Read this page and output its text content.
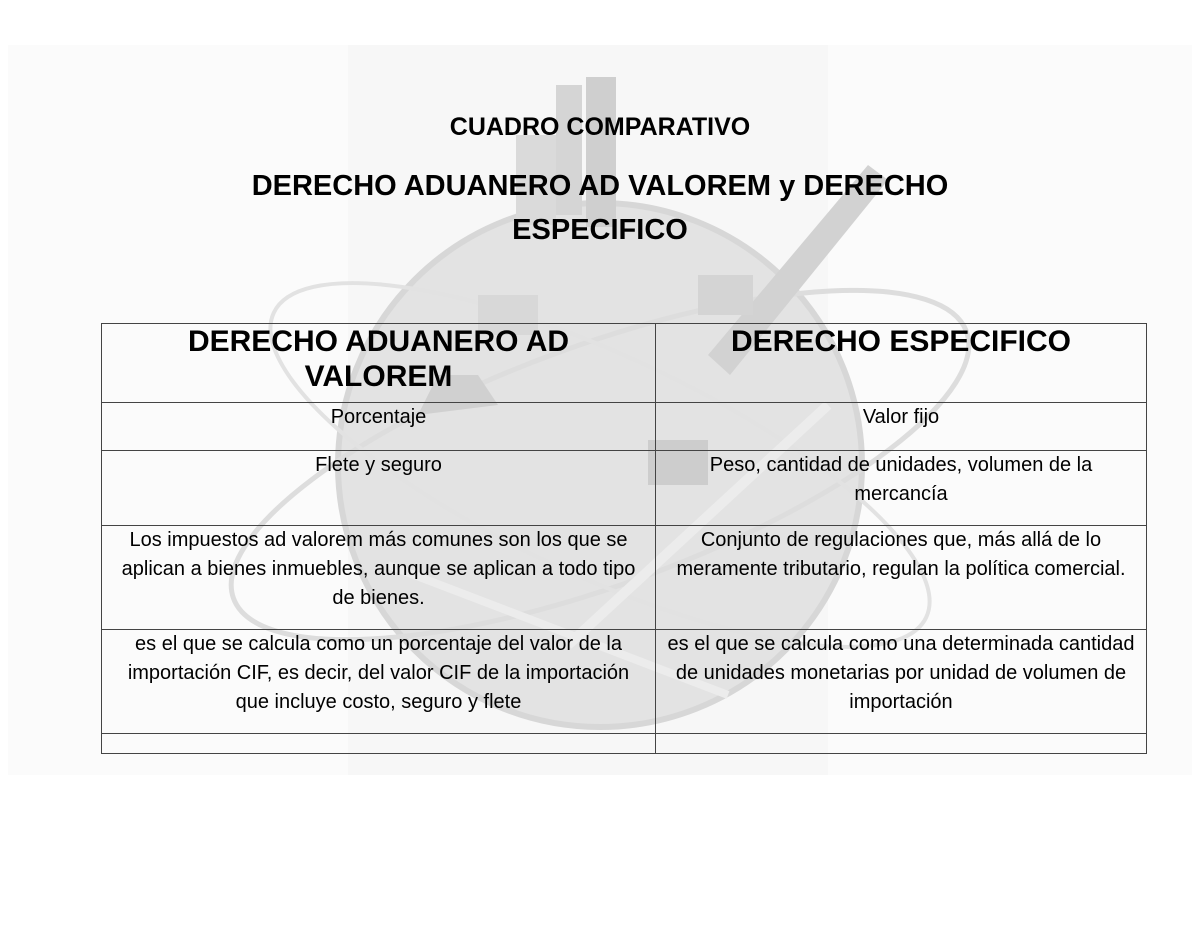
CUADRO COMPARATIVO
DERECHO ADUANERO AD VALOREM y DERECHO ESPECIFICO
DERECHO ADUANERO AD VALOREM	DERECHO ESPECIFICO
Porcentaje	Valor fijo
Flete y seguro	Peso, cantidad de unidades, volumen de la mercancía
Los impuestos ad valorem más comunes son los que se aplican a bienes inmuebles, aunque se aplican a todo tipo de bienes.	Conjunto de regulaciones que, más allá de lo meramente tributario, regulan la política comercial.
es el que se calcula como un porcentaje del valor de la importación CIF, es decir, del valor CIF de la importación que incluye costo, seguro y flete	es el que se calcula como una determinada cantidad de unidades monetarias por unidad de volumen de importación
